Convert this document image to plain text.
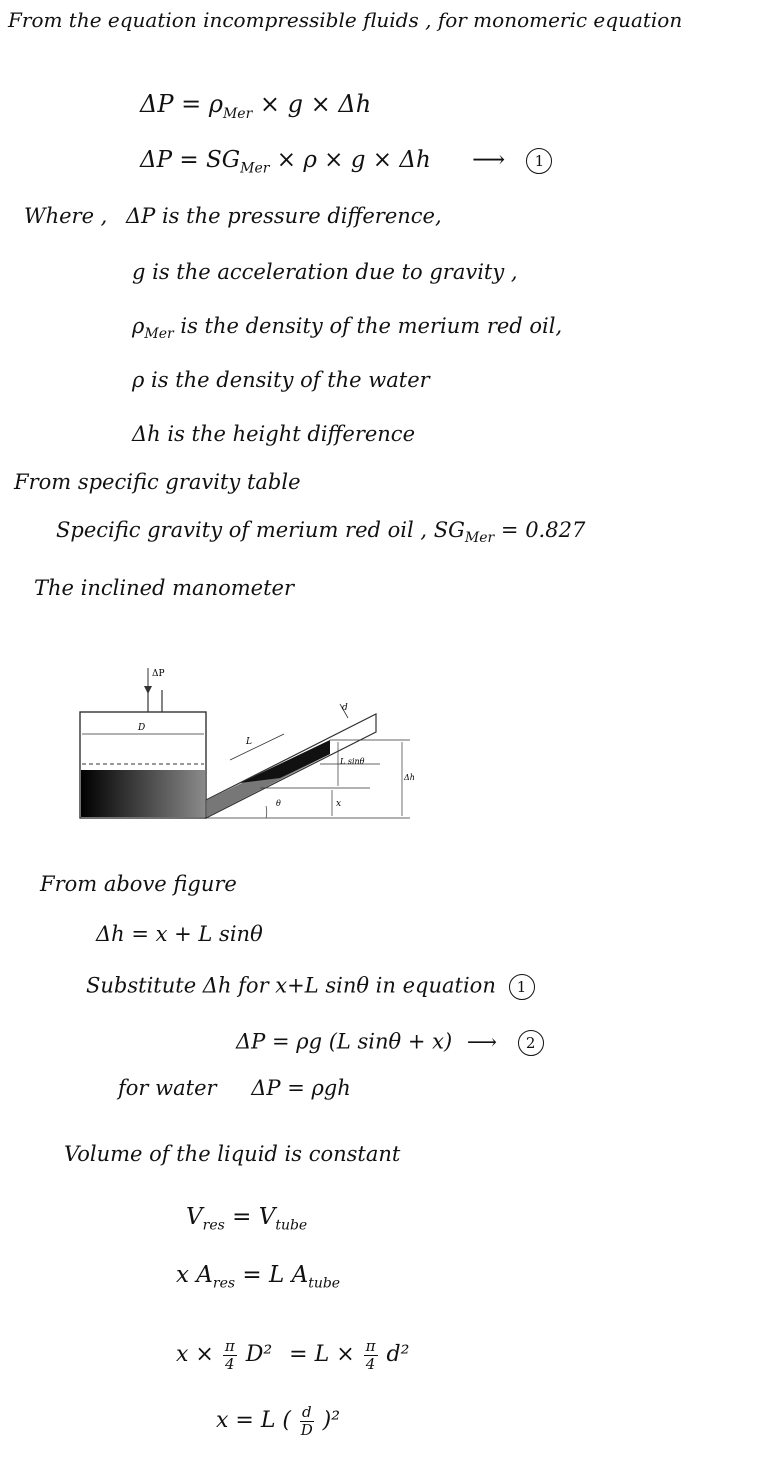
From the equation incompressible fluids , for monomeric equation
$\Delta P = \rho_{Mer} \times g \times \Delta h$
$\Delta P = SG_{Mer} \times \rho \times g \times \Delta h$ ⟶ 1
Where , ΔP is the pressure difference,
g is the acceleration due to gravity ,
$\rho_{Mer}$ is the density of the merium red oil,
ρ is the density of the water
Δh is the height difference
From specific gravity table
Specific gravity of merium red oil , $SG_{Mer} = 0.827$
The inclined manometer
ΔP
D
L
d
L sinθ
x
Δh
θ
From above figure
Δh = x + L sinθ
Substitute Δh for x+L sinθ in equation 1
ΔP = ρg (L sinθ + x) ⟶ 2
for water ΔP = ρgh
Volume of the liquid is constant
$V_{res} = V_{tube}$
x $A_{res} = L$ $A_{tube}$
$x \times \frac{\pi}{4} D^2 = L \times \frac{\pi}{4} d^2$
x = L ( $\frac{d}{D} )^2$
